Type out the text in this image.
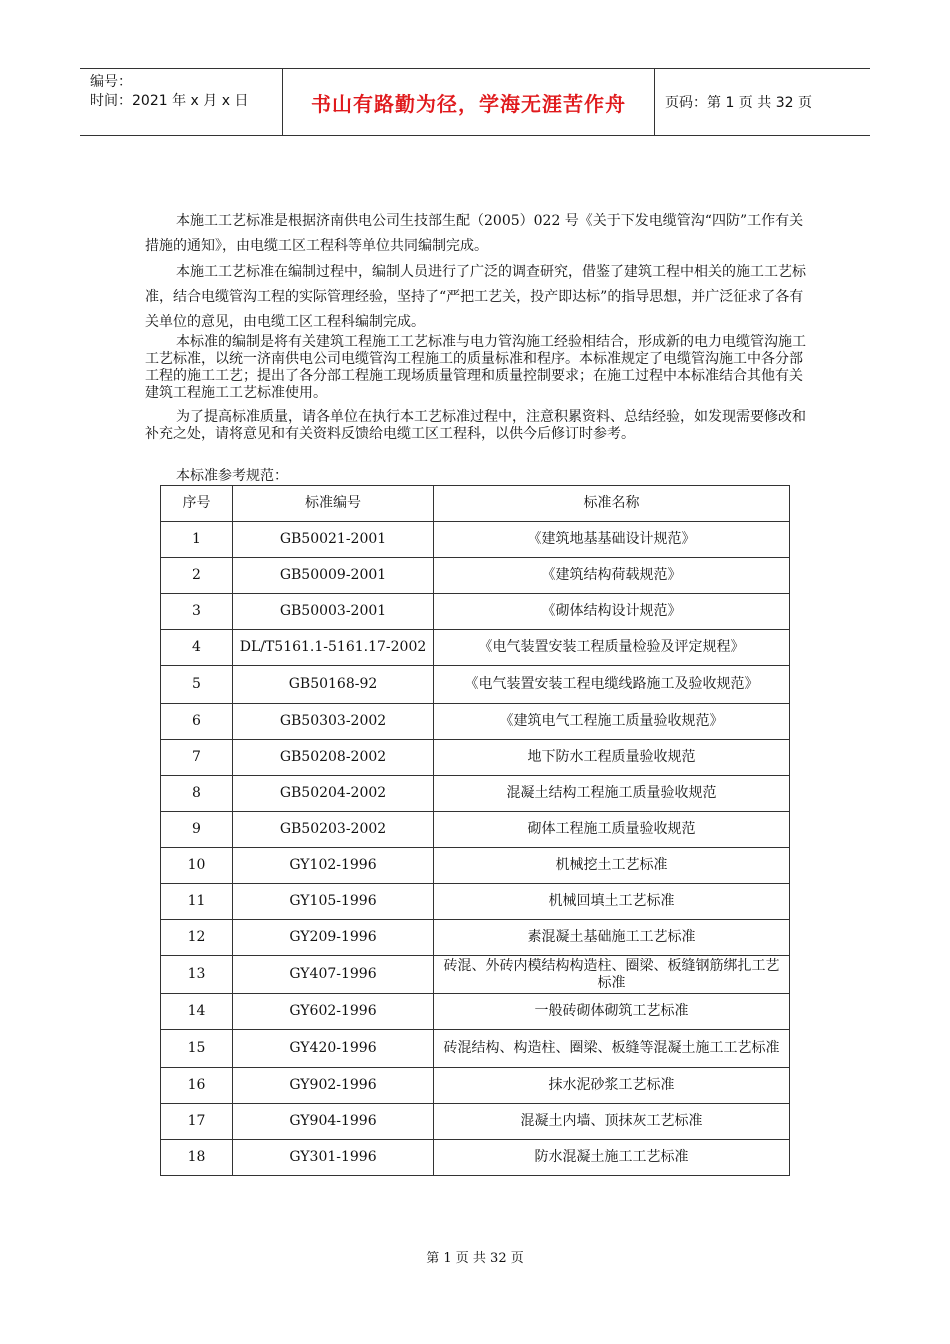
编号：
时间：2021 年 x 月 x 日	书山有路勤为径，学海无涯苦作舟	页码：第 1 页 共 32 页
本施工工艺标准是根据济南供电公司生技部生配（2005）022 号《关于下发电缆管沟“四防”工作有关措施的通知》，由电缆工区工程科等单位共同编制完成。
本施工工艺标准在编制过程中，编制人员进行了广泛的调查研究，借鉴了建筑工程中相关的施工工艺标准，结合电缆管沟工程的实际管理经验，坚持了“严把工艺关，投产即达标”的指导思想，并广泛征求了各有关单位的意见，由电缆工区工程科编制完成。
本标准的编制是将有关建筑工程施工工艺标准与电力管沟施工经验相结合，形成新的电力电缆管沟施工工艺标准，以统一济南供电公司电缆管沟工程施工的质量标准和程序。本标准规定了电缆管沟施工中各分部工程的施工工艺；提出了各分部工程施工现场质量管理和质量控制要求；在施工过程中本标准结合其他有关建筑工程施工工艺标准使用。
为了提高标准质量，请各单位在执行本工艺标准过程中，注意积累资料、总结经验，如发现需要修改和补充之处，请将意见和有关资料反馈给电缆工区工程科，以供今后修订时参考。
本标准参考规范：
序号	标准编号	标准名称
1	GB50021-2001	《建筑地基基础设计规范》
2	GB50009-2001	《建筑结构荷载规范》
3	GB50003-2001	《砌体结构设计规范》
4	DL/T5161.1-5161.17-2002	《电气装置安装工程质量检验及评定规程》
5	GB50168-92	《电气装置安装工程电缆线路施工及验收规范》
6	GB50303-2002	《建筑电气工程施工质量验收规范》
7	GB50208-2002	地下防水工程质量验收规范
8	GB50204-2002	混凝土结构工程施工质量验收规范
9	GB50203-2002	砌体工程施工质量验收规范
10	GY102-1996	机械挖土工艺标准
11	GY105-1996	机械回填土工艺标准
12	GY209-1996	素混凝土基础施工工艺标准
13	GY407-1996	砖混、外砖内模结构构造柱、圈梁、板缝钢筋绑扎工艺标准
14	GY602-1996	一般砖砌体砌筑工艺标准
15	GY420-1996	砖混结构、构造柱、圈梁、板缝等混凝土施工工艺标准
16	GY902-1996	抹水泥砂浆工艺标准
17	GY904-1996	混凝土内墙、顶抹灰工艺标准
18	GY301-1996	防水混凝土施工工艺标准
第 1 页 共 32 页
